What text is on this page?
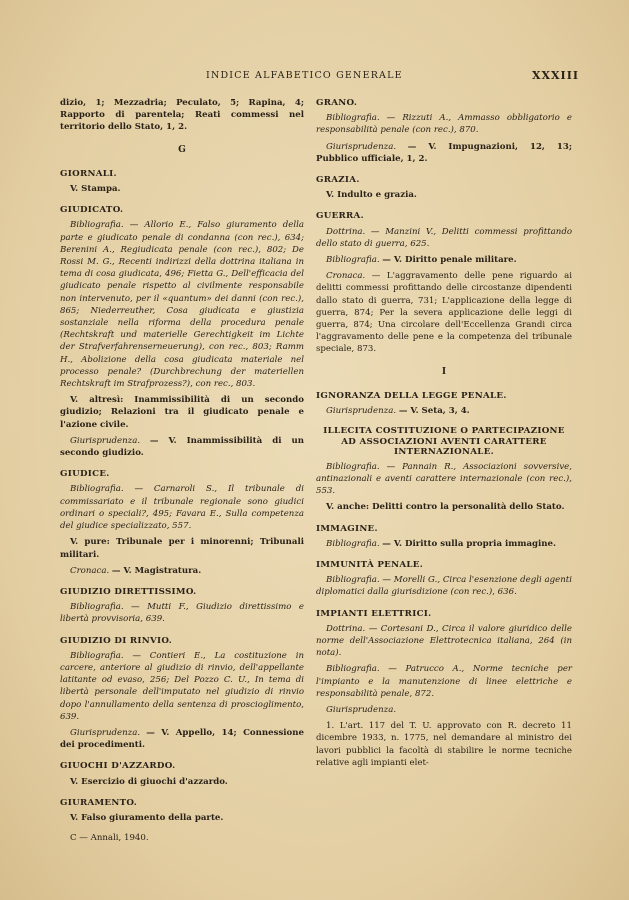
INDICE ALFABETICO GENERALE	XXXIII

dizio, 1; Mezzadria; Peculato, 5; Rapina, 4; Rapporto di parentela; Reati commessi nel territorio dello Stato, 1, 2.

G
GIORNALI.

V. Stampa.

GIUDICATO.

Bibliografia. — Allorio E., Falso giuramento della parte e giudicato penale di condanna (con rec.), 634; Berenini A., Regiudicata penale (con rec.), 802; De Rossi M. G., Recenti indirizzi della dottrina italiana in tema di cosa giudicata, 496; Fietta G., Dell'efficacia del giudicato penale rispetto al civilmente responsabile non intervenuto, per il «quantum» dei danni (con rec.), 865; Niederreuther, Cosa giudicata e giustizia sostanziale nella riforma della procedura penale (Rechtskraft und materielle Gerechtigkeit im Lichte der Strafverfahrenserneuerung), con rec., 803; Ramm H., Abolizione della cosa giudicata materiale nel processo penale? (Durchbrechung der materiellen Rechtskraft im Strafprozess?), con rec., 803.

V. altresì: Inammissibilità di un secondo giudizio; Relazioni tra il giudicato penale e l'azione civile.

Giurisprudenza. — V. Inammissibilità di un secondo giudizio.

GIUDICE.

Bibliografia. — Carnaroli S., Il tribunale di commissariato e il tribunale regionale sono giudici ordinari o speciali?, 495; Favara E., Sulla competenza del giudice specializzato, 557.

V. pure: Tribunale per i minorenni; Tribunali militari.

Cronaca. — V. Magistratura.

GIUDIZIO DIRETTISSIMO.

Bibliografia. — Mutti F., Giudizio direttissimo e libertà provvisoria, 639.

GIUDIZIO DI RINVIO.

Bibliografia. — Contieri E., La costituzione in carcere, anteriore al giudizio di rinvio, dell'appellante latitante od evaso, 256; Del Pozzo C. U., In tema di libertà personale dell'imputato nel giudizio di rinvio dopo l'annullamento della sentenza di proscioglimento, 639.

Giurisprudenza. — V. Appello, 14; Connessione dei procedimenti.

GIUOCHI D'AZZARDO.

V. Esercizio di giuochi d'azzardo.

GIURAMENTO.

V. Falso giuramento della parte.

C — Annali, 1940.

GRANO.

Bibliografia. — Rizzuti A., Ammasso obbligatorio e responsabilità penale (con rec.), 870.

Giurisprudenza. — V. Impugnazioni, 12, 13; Pubblico ufficiale, 1, 2.

GRAZIA.

V. Indulto e grazia.

GUERRA.

Dottrina. — Manzini V., Delitti commessi profittando dello stato di guerra, 625.

Bibliografia. — V. Diritto penale militare.

Cronaca. — L'aggravamento delle pene riguardo ai delitti commessi profittando delle circostanze dipendenti dallo stato di guerra, 731; L'applicazione della legge di guerra, 874; Per la severa applicazione delle leggi di guerra, 874; Una circolare dell'Eccellenza Grandi circa l'aggravamento delle pene e la competenza del tribunale speciale, 873.

I
IGNORANZA DELLA LEGGE PENALE.

Giurisprudenza. — V. Seta, 3, 4.

ILLECITA COSTITUZIONE O PARTECIPAZIONE AD ASSOCIAZIONI AVENTI CARATTERE INTERNAZIONALE.

Bibliografia. — Pannain R., Associazioni sovversive, antinazionali e aventi carattere internazionale (con rec.), 553.

V. anche: Delitti contro la personalità dello Stato.

IMMAGINE.

Bibliografia. — V. Diritto sulla propria immagine.

IMMUNITÀ PENALE.

Bibliografia. — Morelli G., Circa l'esenzione degli agenti diplomatici dalla giurisdizione (con rec.), 636.

IMPIANTI ELETTRICI.

Dottrina. — Cortesani D., Circa il valore giuridico delle norme dell'Associazione Elettrotecnica italiana, 264 (in nota).

Bibliografia. — Patrucco A., Norme tecniche per l'impianto e la manutenzione di linee elettriche e responsabilità penale, 872.

Giurisprudenza.

1. L'art. 117 del T. U. approvato con R. decreto 11 dicembre 1933, n. 1775, nel demandare al ministro dei lavori pubblici la facoltà di stabilire le norme tecniche relative agli impianti elet-
